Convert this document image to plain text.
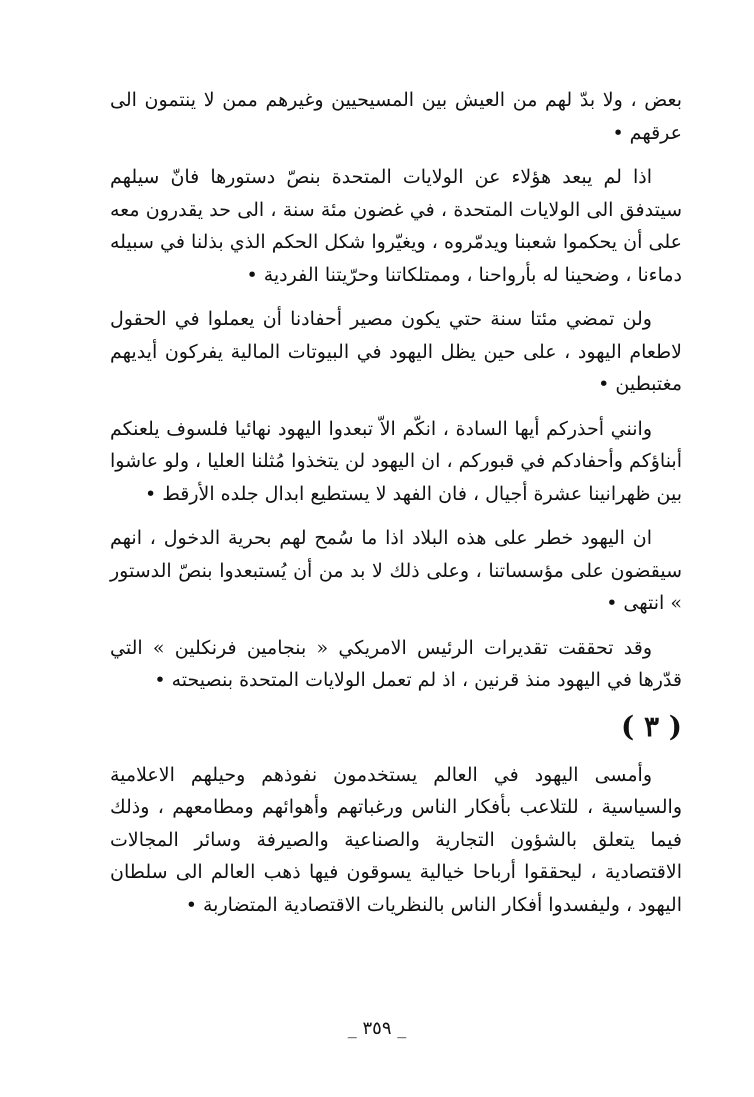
بعض ، ولا بدّ لهم من العيش بين المسيحيين وغيرهم ممن لا ينتمون الى عرقهم •

اذا لم يبعد هؤلاء عن الولايات المتحدة بنصّ دستورها فانّ سيلهم سيتدفق الى الولايات المتحدة ، في غضون مئة سنة ، الى حد يقدرون معه على أن يحكموا شعبنا ويدمّروه ، ويغيّروا شكل الحكم الذي بذلنا في سبيله دماءنا ، وضحينا له بأرواحنا ، وممتلكاتنا وحرّيتنا الفردية •

ولن تمضي مئتا سنة حتي يكون مصير أحفادنا أن يعملوا في الحقول لاطعام اليهود ، على حين يظل اليهود في البيوتات المالية يفركون أيديهم مغتبطين •

وانني أحذركم أيها السادة ، انكّم الاّ تبعدوا اليهود نهائيا فلسوف يلعنكم أبناؤكم وأحفادكم في قبوركم ، ان اليهود لن يتخذوا مُثلنا العليا ، ولو عاشوا بين ظهرانينا عشرة أجيال ، فان الفهد لا يستطيع ابدال جلده الأرقط •

ان اليهود خطر على هذه البلاد اذا ما سُمح لهم بحرية الدخول ، انهم سيقضون على مؤسساتنا ، وعلى ذلك لا بد من أن يُستبعدوا بنصّ الدستور » انتهى •

وقد تحققت تقديرات الرئيس الامريكي « بنجامين فرنكلين » التي قدّرها في اليهود منذ قرنين ، اذ لم تعمل الولايات المتحدة بنصيحته •

( ٣ )

وأمسى اليهود في العالم يستخدمون نفوذهم وحيلهم الاعلامية والسياسية ، للتلاعب بأفكار الناس ورغباتهم وأهوائهم ومطامعهم ، وذلك فيما يتعلق بالشؤون التجارية والصناعية والصيرفة وسائر المجالات الاقتصادية ، ليحققوا أرباحا خيالية يسوقون فيها ذهب العالم الى سلطان اليهود ، وليفسدوا أفكار الناس بالنظريات الاقتصادية المتضاربة •

_ ٣٥٩ _
